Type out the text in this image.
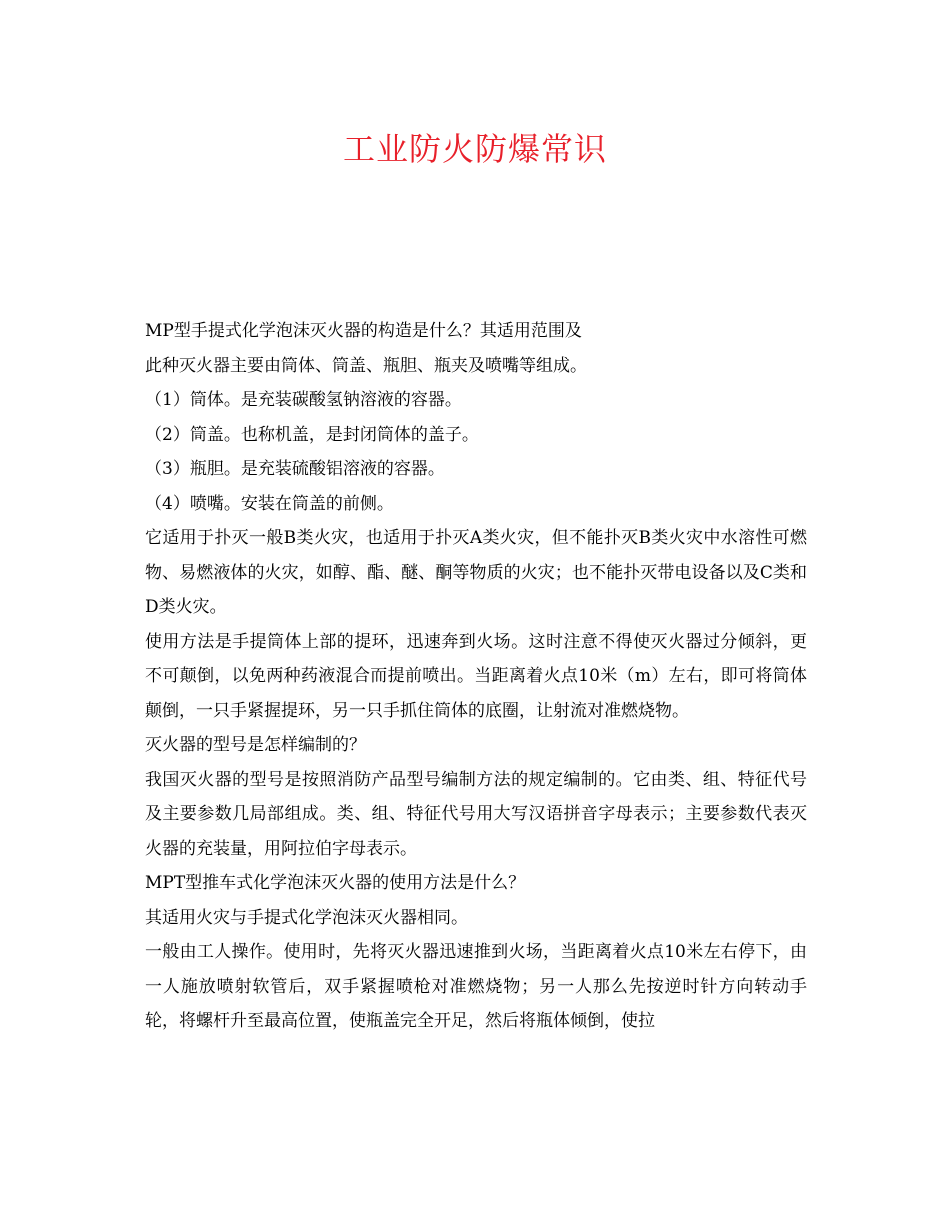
工业防火防爆常识

MP型手提式化学泡沫灭火器的构造是什么？其适用范围及

此种灭火器主要由筒体、筒盖、瓶胆、瓶夹及喷嘴等组成。

（1）筒体。是充装碳酸氢钠溶液的容器。

（2）筒盖。也称机盖，是封闭筒体的盖子。

（3）瓶胆。是充装硫酸铝溶液的容器。

（4）喷嘴。安装在筒盖的前侧。

它适用于扑灭一般B类火灾，也适用于扑灭A类火灾，但不能扑灭B类火灾中水溶性可燃物、易燃液体的火灾，如醇、酯、醚、酮等物质的火灾；也不能扑灭带电设备以及C类和D类火灾。

使用方法是手提筒体上部的提环，迅速奔到火场。这时注意不得使灭火器过分倾斜，更不可颠倒，以免两种药液混合而提前喷出。当距离着火点10米（m）左右，即可将筒体颠倒，一只手紧握提环，另一只手抓住筒体的底圈，让射流对准燃烧物。

灭火器的型号是怎样编制的？

我国灭火器的型号是按照消防产品型号编制方法的规定编制的。它由类、组、特征代号及主要参数几局部组成。类、组、特征代号用大写汉语拼音字母表示；主要参数代表灭火器的充装量，用阿拉伯字母表示。

MPT型推车式化学泡沫灭火器的使用方法是什么？

其适用火灾与手提式化学泡沫灭火器相同。

一般由工人操作。使用时，先将灭火器迅速推到火场，当距离着火点10米左右停下，由一人施放喷射软管后，双手紧握喷枪对准燃烧物；另一人那么先按逆时针方向转动手轮，将螺杆升至最高位置，使瓶盖完全开足，然后将瓶体倾倒，使拉
